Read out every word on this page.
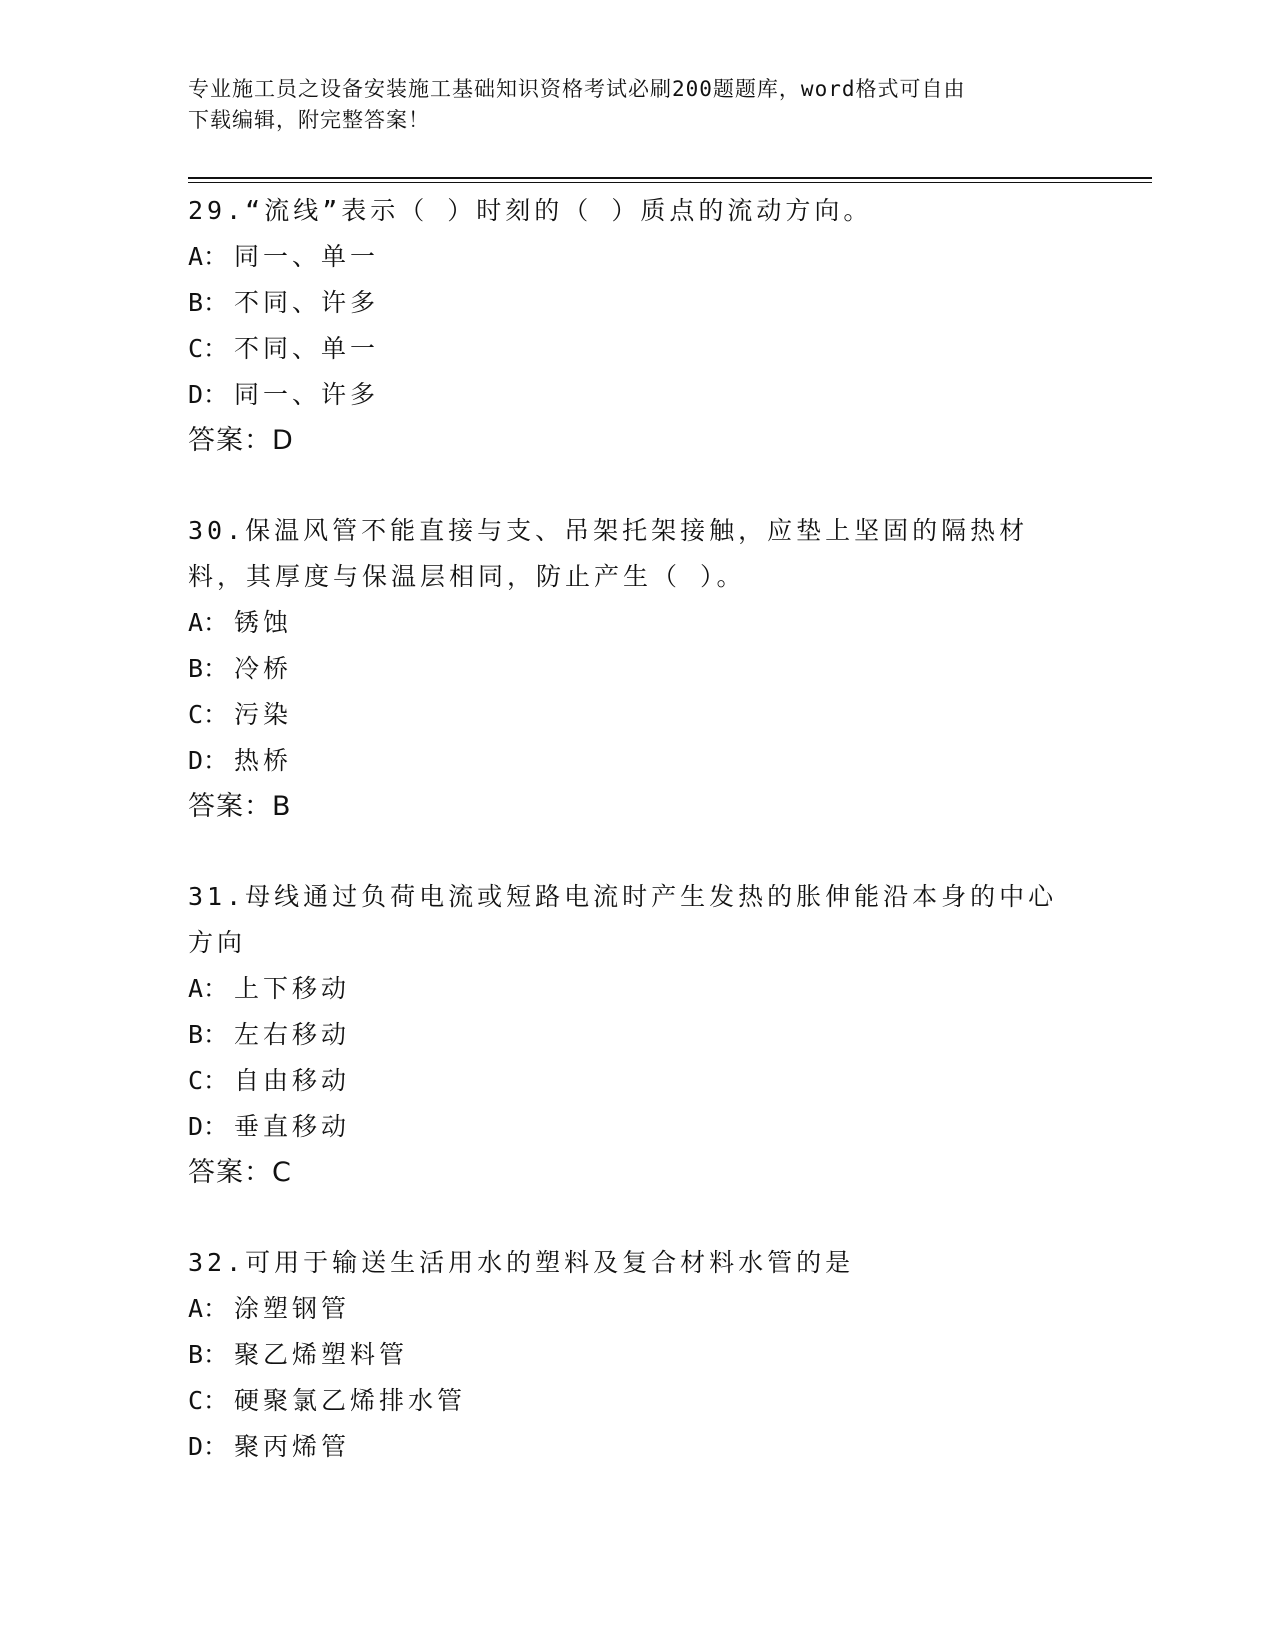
专业施工员之设备安装施工基础知识资格考试必刷200题题库，word格式可自由

下载编辑，附完整答案！

29.“流线”表示（ ）时刻的（ ）质点的流动方向。

A： 同一、单一

B： 不同、许多

C： 不同、单一

D： 同一、许多

答案：D

30.保温风管不能直接与支、吊架托架接触，应垫上坚固的隔热材料，其厚度与保温层相同，防止产生（ ）。

A： 锈蚀

B： 冷桥

C： 污染

D： 热桥

答案：B

31.母线通过负荷电流或短路电流时产生发热的胀伸能沿本身的中心方向

A： 上下移动

B： 左右移动

C： 自由移动

D： 垂直移动

答案：C

32.可用于输送生活用水的塑料及复合材料水管的是

A： 涂塑钢管

B： 聚乙烯塑料管

C： 硬聚氯乙烯排水管

D： 聚丙烯管
